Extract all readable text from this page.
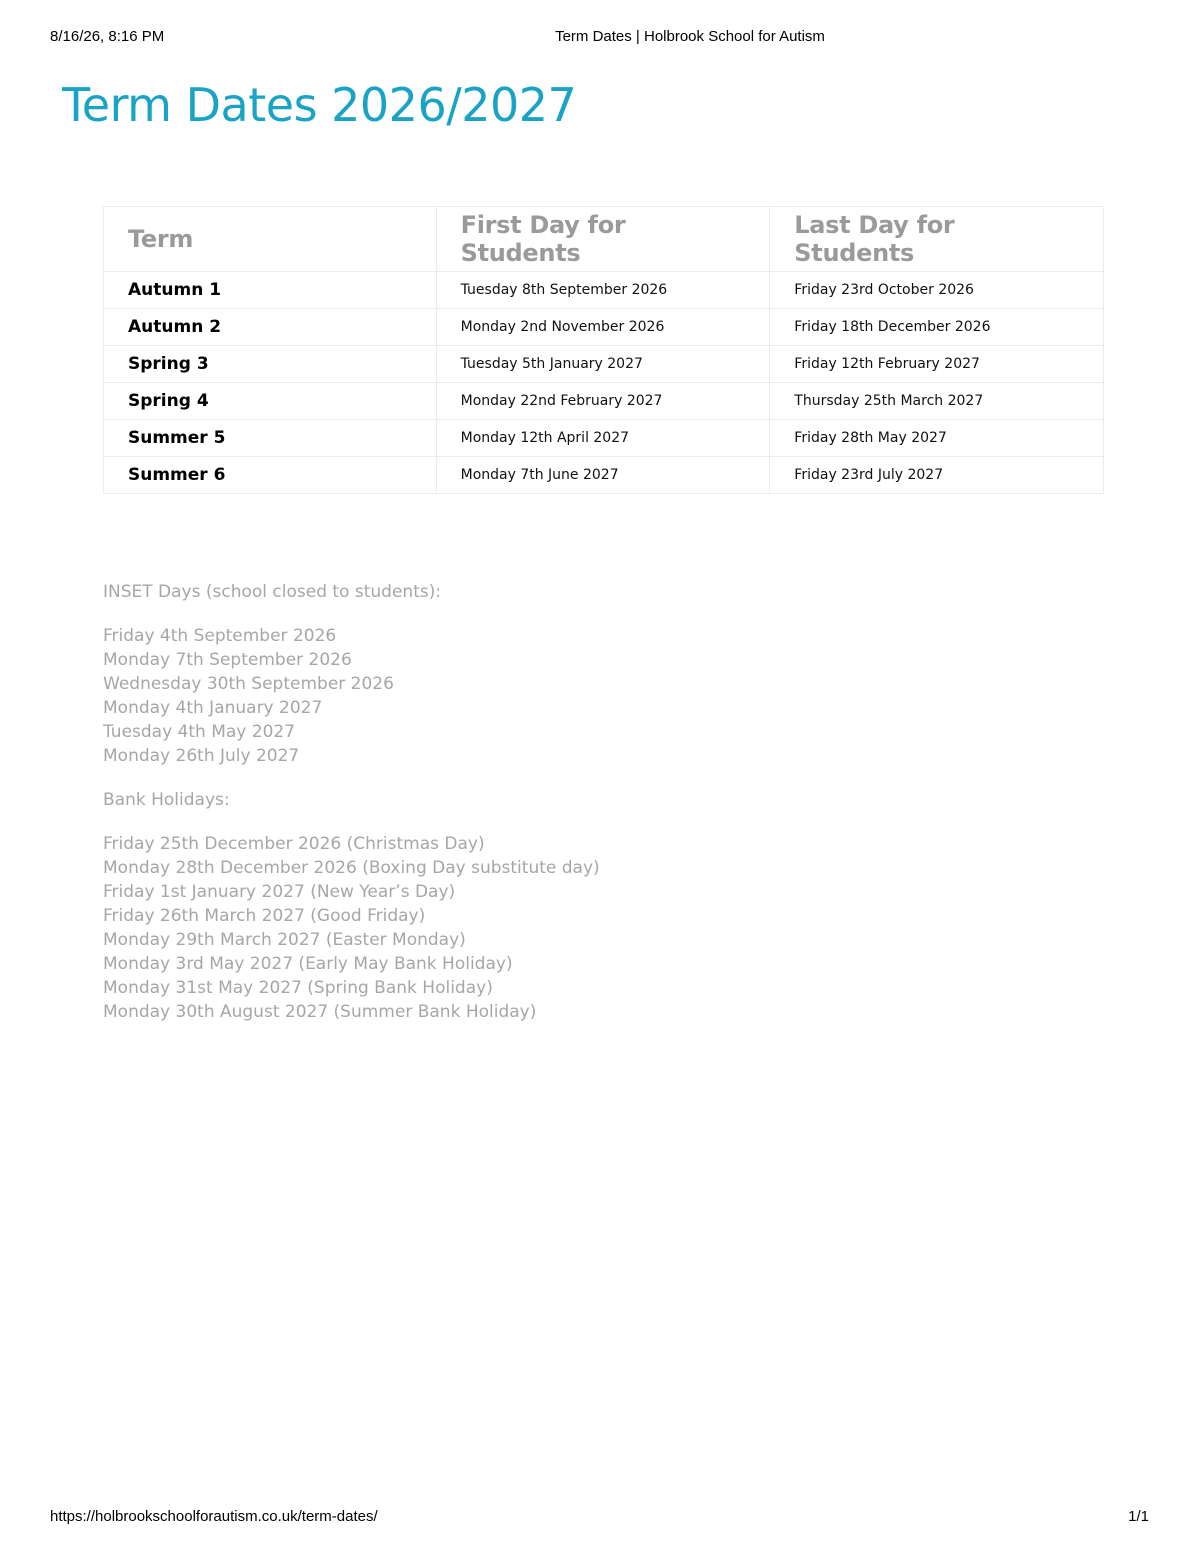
8/16/26, 8:16 PM	Term Dates | Holbrook School for Autism
Term Dates 2026/2027
Term	First Day for Students	Last Day for Students
Autumn 1	Tuesday 8th September 2026	Friday 23rd October 2026
Autumn 2	Monday 2nd November 2026	Friday 18th December 2026
Spring 3	Tuesday 5th January 2027	Friday 12th February 2027
Spring 4	Monday 22nd February 2027	Thursday 25th March 2027
Summer 5	Monday 12th April 2027	Friday 28th May 2027
Summer 6	Monday 7th June 2027	Friday 23rd July 2027

INSET Days (school closed to students):

Friday 4th September 2026
Monday 7th September 2026
Wednesday 30th September 2026
Monday 4th January 2027
Tuesday 4th May 2027
Monday 26th July 2027

Bank Holidays:

Friday 25th December 2026 (Christmas Day)
Monday 28th December 2026 (Boxing Day substitute day)
Friday 1st January 2027 (New Year’s Day)
Friday 26th March 2027 (Good Friday)
Monday 29th March 2027 (Easter Monday)
Monday 3rd May 2027 (Early May Bank Holiday)
Monday 31st May 2027 (Spring Bank Holiday)
Monday 30th August 2027 (Summer Bank Holiday)
https://holbrookschoolforautism.co.uk/term-dates/	1/1
